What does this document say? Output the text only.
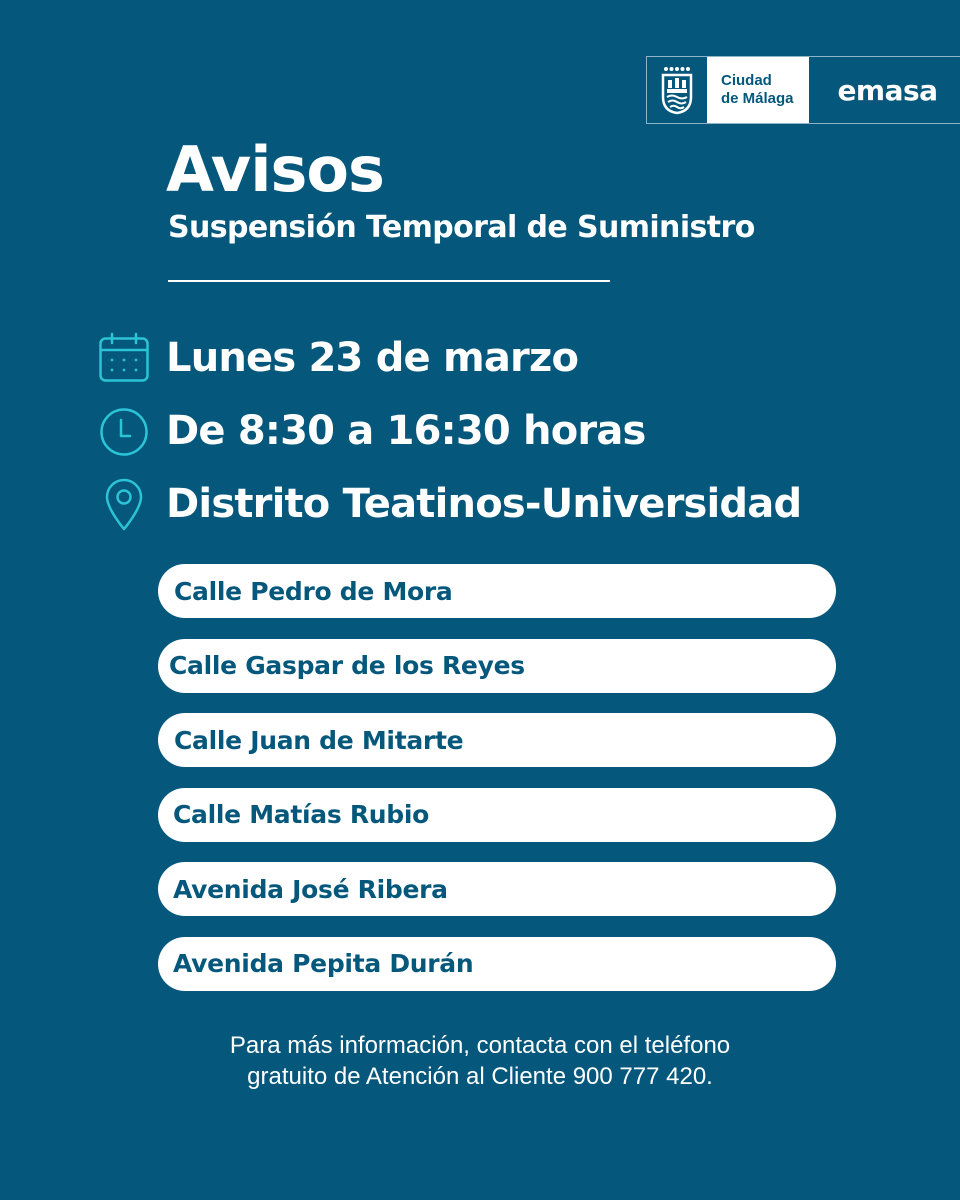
Ciudad
de Málaga	emasa
Avisos
Suspensión Temporal de Suministro
Lunes 23 de marzo
De 8:30 a 16:30 horas
Distrito Teatinos-Universidad
Calle Pedro de Mora
Calle Gaspar de los Reyes
Calle Juan de Mitarte
Calle Matías Rubio
Avenida José Ribera
Avenida Pepita Durán
Para más información, contacta con el teléfono
gratuito de Atención al Cliente 900 777 420.
